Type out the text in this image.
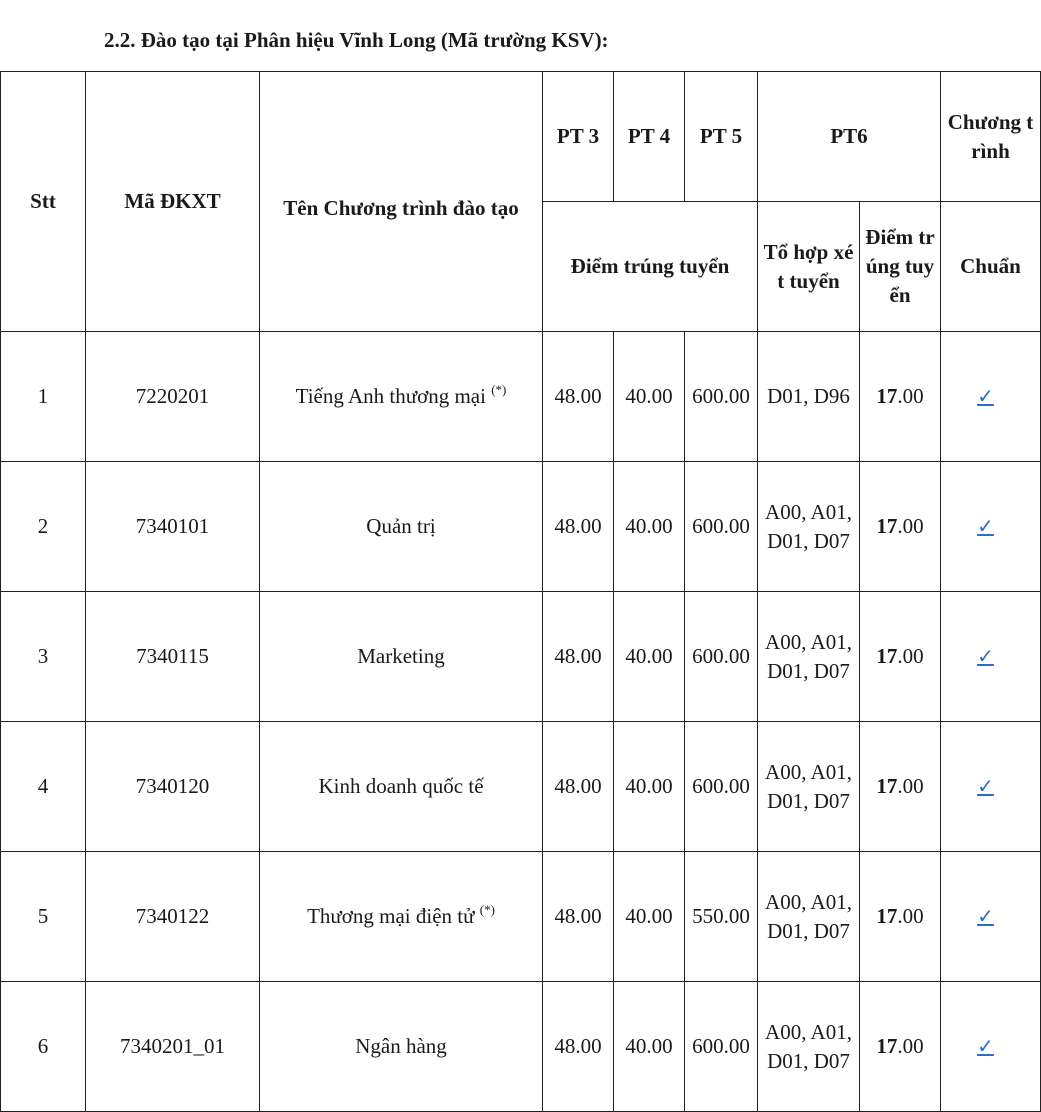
2.2. Đào tạo tại Phân hiệu Vĩnh Long (Mã trường KSV):
Stt	Mã ĐKXT	Tên Chương trình đào tạo	PT 3	PT 4	PT 5	PT6		Chương trình
			Điểm trúng tuyển			Tổ hợp xét tuyển	Điểm trúng tuyển	Chuẩn
1	7220201	Tiếng Anh thương mại (*)	48.00	40.00	600.00	D01, D96	17.00	✓
2	7340101	Quản trị	48.00	40.00	600.00	A00, A01, D01, D07	17.00	✓
3	7340115	Marketing	48.00	40.00	600.00	A00, A01, D01, D07	17.00	✓
4	7340120	Kinh doanh quốc tế	48.00	40.00	600.00	A00, A01, D01, D07	17.00	✓
5	7340122	Thương mại điện tử (*)	48.00	40.00	550.00	A00, A01, D01, D07	17.00	✓
6	7340201_01	Ngân hàng	48.00	40.00	600.00	A00, A01, D01, D07	17.00	✓
